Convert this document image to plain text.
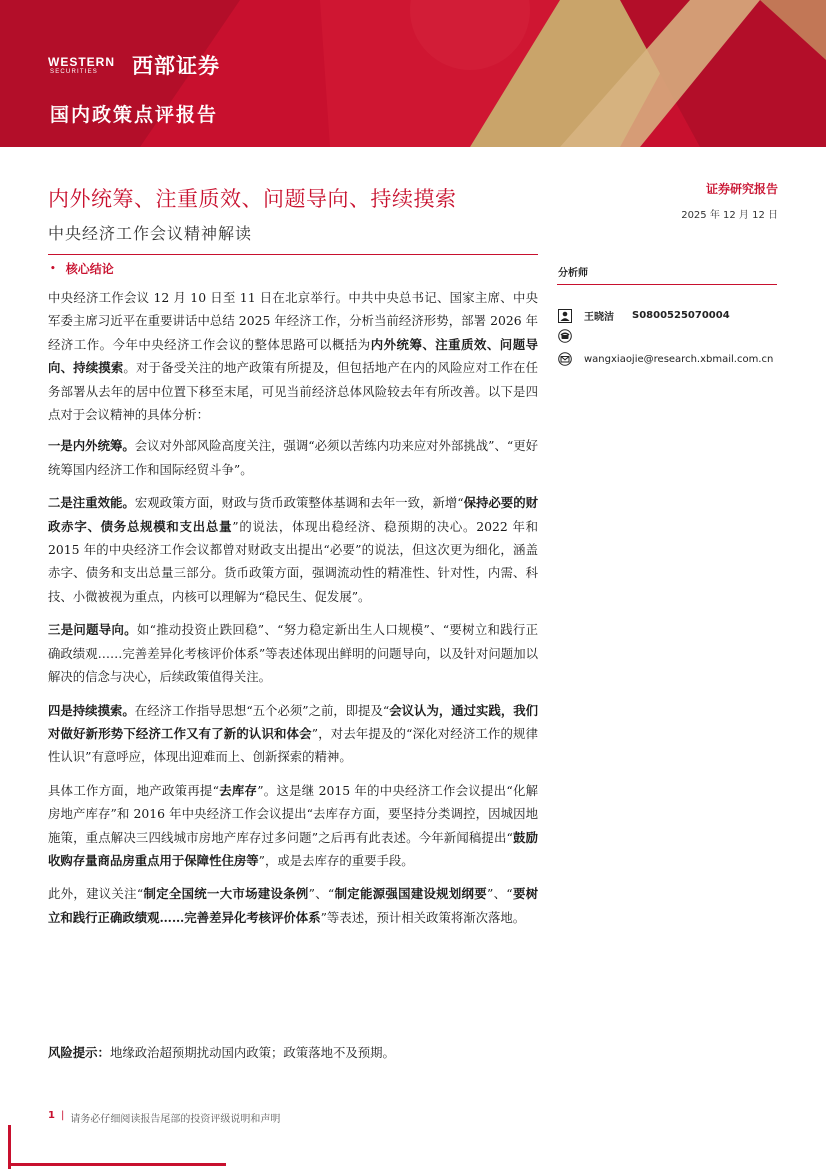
WESTERN
SECURITIES 西部证券
国内政策点评报告
内外统筹、注重质效、问题导向、持续摸索
中央经济工作会议精神解读
证券研究报告
2025 年 12 月 12 日
• 核心结论

中央经济工作会议 12 月 10 日至 11 日在北京举行。中共中央总书记、国家主席、中央军委主席习近平在重要讲话中总结 2025 年经济工作，分析当前经济形势，部署 2026 年经济工作。今年中央经济工作会议的整体思路可以概括为内外统筹、注重质效、问题导向、持续摸索。对于备受关注的地产政策有所提及，但包括地产在内的风险应对工作在任务部署从去年的居中位置下移至末尾，可见当前经济总体风险较去年有所改善。以下是四点对于会议精神的具体分析：

一是内外统筹。会议对外部风险高度关注，强调“必须以苦练内功来应对外部挑战”、“更好统筹国内经济工作和国际经贸斗争”。

二是注重效能。宏观政策方面，财政与货币政策整体基调和去年一致，新增“保持必要的财政赤字、债务总规模和支出总量”的说法，体现出稳经济、稳预期的决心。2022 年和 2015 年的中央经济工作会议都曾对财政支出提出“必要”的说法，但这次更为细化，涵盖赤字、债务和支出总量三部分。货币政策方面，强调流动性的精准性、针对性，内需、科技、小微被视为重点，内核可以理解为“稳民生、促发展”。

三是问题导向。如“推动投资止跌回稳”、“努力稳定新出生人口规模”、“要树立和践行正确政绩观……完善差异化考核评价体系”等表述体现出鲜明的问题导向，以及针对问题加以解决的信念与决心，后续政策值得关注。

四是持续摸索。在经济工作指导思想“五个必须”之前，即提及“会议认为，通过实践，我们对做好新形势下经济工作又有了新的认识和体会”，对去年提及的“深化对经济工作的规律性认识”有意呼应，体现出迎难而上、创新探索的精神。

具体工作方面，地产政策再提“去库存”。这是继 2015 年的中央经济工作会议提出“化解房地产库存”和 2016 年中央经济工作会议提出“去库存方面，要坚持分类调控，因城因地施策，重点解决三四线城市房地产库存过多问题”之后再有此表述。今年新闻稿提出“鼓励收购存量商品房重点用于保障性住房等”，或是去库存的重要手段。

此外，建议关注“制定全国统一大市场建设条例”、“制定能源强国建设规划纲要”、“要树立和践行正确政绩观……完善差异化考核评价体系”等表述，预计相关政策将渐次落地。

风险提示：地缘政治超预期扰动国内政策；政策落地不及预期。
分析师
王晓洁 S0800525070004
wangxiaojie@research.xbmail.com.cn
1 | 请务必仔细阅读报告尾部的投资评级说明和声明
